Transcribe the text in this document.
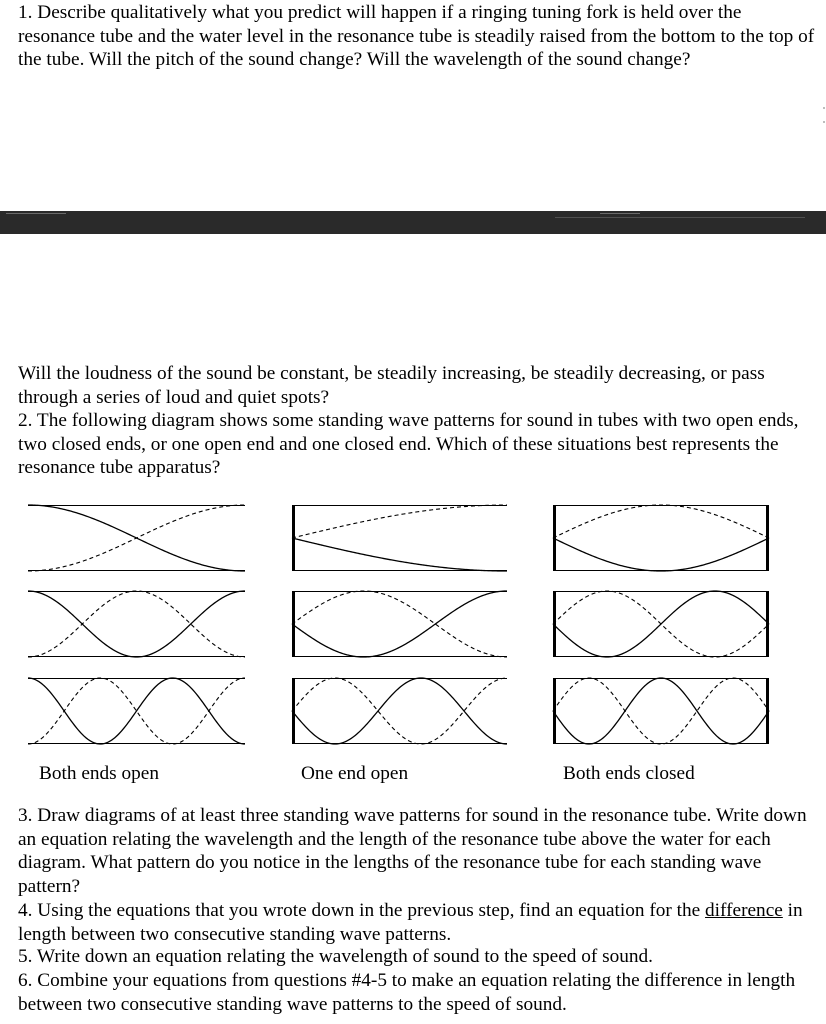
1. Describe qualitatively what you predict will happen if a ringing tuning fork is held over the resonance tube and the water level in the resonance tube is steadily raised from the bottom to the top of the tube. Will the pitch of the sound change? Will the wavelength of the sound change?

Will the loudness of the sound be constant, be steadily increasing, be steadily decreasing, or pass through a series of loud and quiet spots?

2. The following diagram shows some standing wave patterns for sound in tubes with two open ends, two closed ends, or one open end and one closed end. Which of these situations best represents the resonance tube apparatus?

Both ends open	One end open	Both ends closed

3. Draw diagrams of at least three standing wave patterns for sound in the resonance tube. Write down an equation relating the wavelength and the length of the resonance tube above the water for each diagram. What pattern do you notice in the lengths of the resonance tube for each standing wave pattern?

4. Using the equations that you wrote down in the previous step, find an equation for the difference in length between two consecutive standing wave patterns.

5. Write down an equation relating the wavelength of sound to the speed of sound.

6. Combine your equations from questions #4-5 to make an equation relating the difference in length between two consecutive standing wave patterns to the speed of sound.
